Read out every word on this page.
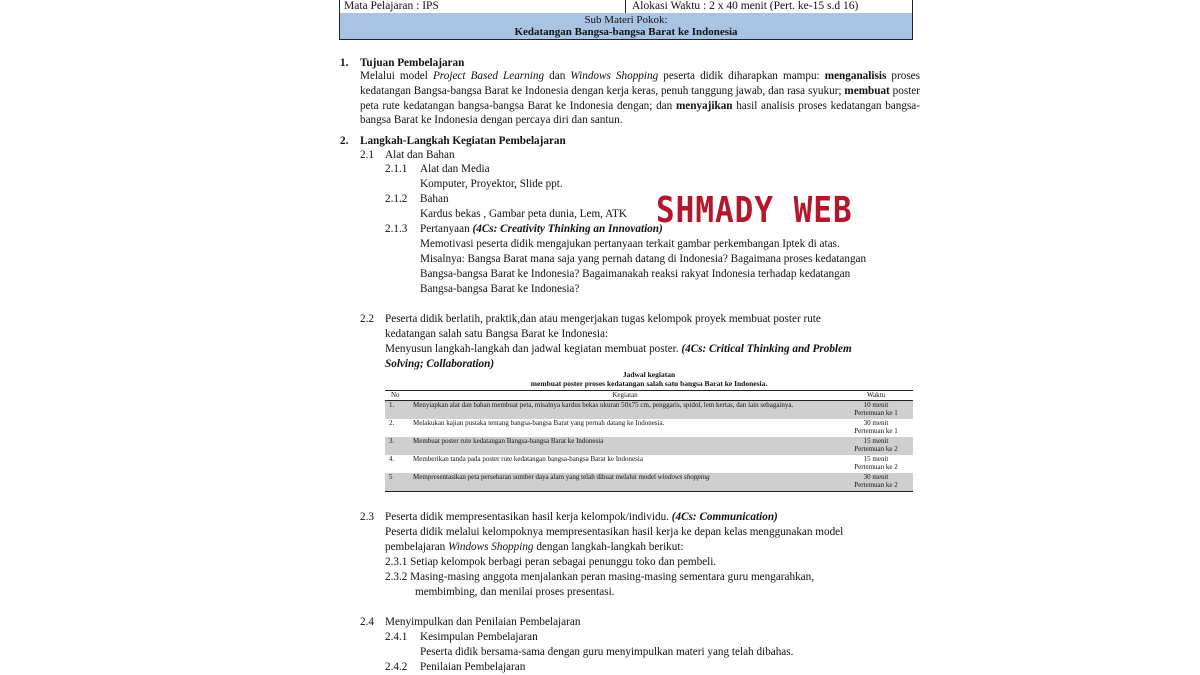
Mata Pelajaran : IPS	Alokasi Waktu : 2 x 40 menit (Pert. ke-15 s.d 16)
Sub Materi Pokok:
Kedatangan Bangsa-bangsa Barat ke Indonesia
1. Tujuan Pembelajaran
Melalui model Project Based Learning dan Windows Shopping peserta didik diharapkan mampu: menganalisis proses kedatangan Bangsa-bangsa Barat ke Indonesia dengan kerja keras, penuh tanggung jawab, dan rasa syukur; membuat poster peta rute kedatangan bangsa-bangsa Barat ke Indonesia dengan; dan menyajikan hasil analisis proses kedatangan bangsa-bangsa Barat ke Indonesia dengan percaya diri dan santun.
2. Langkah-Langkah Kegiatan Pembelajaran
2.1 Alat dan Bahan
2.1.1 Alat dan Media
Komputer, Proyektor, Slide ppt.
2.1.2 Bahan
Kardus bekas , Gambar peta dunia, Lem, ATK SHMADY WEB
2.1.3 Pertanyaan (4Cs: Creativity Thinking an Innovation)
Memotivasi peserta didik mengajukan pertanyaan terkait gambar perkembangan Iptek di atas.
Misalnya: Bangsa Barat mana saja yang pernah datang di Indonesia? Bagaimana proses kedatangan
Bangsa-bangsa Barat ke Indonesia? Bagaimanakah reaksi rakyat Indonesia terhadap kedatangan
Bangsa-bangsa Barat ke Indonesia?
2.2 Peserta didik berlatih, praktik,dan atau mengerjakan tugas kelompok proyek membuat poster rute
kedatangan salah satu Bangsa Barat ke Indonesia:
Menyusun langkah-langkah dan jadwal kegiatan membuat poster. (4Cs: Critical Thinking and Problem
Solving; Collaboration)
Jadwal kegiatan
membuat poster proses kedatangan salah satu bangsa Barat ke Indonesia.
No	Kegiatan	Waktu
1.	Menyiapkan alat dan bahan membuat peta, misalnya kardus bekas ukuran 50x75 cm, penggaris, spidol, lem kertas, dan lain sebagainya.	10 menit
Pertemuan ke 1

2.	Melakukan kajian pustaka tentang bangsa-bangsa Barat yang pernah datang ke Indonesia.	30 menit
Pertemuan ke 1

3.	Membuat poster rute kedatangan Bangsa-bangsa Barat ke Indonesia	15 menit
Pertemuan ke 2

4.	Memberikan tanda pada poster rute kedatangan bangsa-bangsa Barat ke Indonesia	15 menit
Pertemuan ke 2

5	Mempresentasikan peta persebaran sumber daya alam yang telah dibuat melalui model windows shopping	30 menit
Pertemuan ke 2
2.3 Peserta didik mempresentasikan hasil kerja kelompok/individu. (4Cs: Communication)
Peserta didik melalui kelompoknya mempresentasikan hasil kerja ke depan kelas menggunakan model
pembelajaran Windows Shopping dengan langkah-langkah berikut:
2.3.1 Setiap kelompok berbagi peran sebagai penunggu toko dan pembeli.
2.3.2 Masing-masing anggota menjalankan peran masing-masing sementara guru mengarahkan,
membimbing, dan menilai proses presentasi.
2.4 Menyimpulkan dan Penilaian Pembelajaran
2.4.1 Kesimpulan Pembelajaran
Peserta didik bersama-sama dengan guru menyimpulkan materi yang telah dibahas.
2.4.2 Penilaian Pembelajaran
